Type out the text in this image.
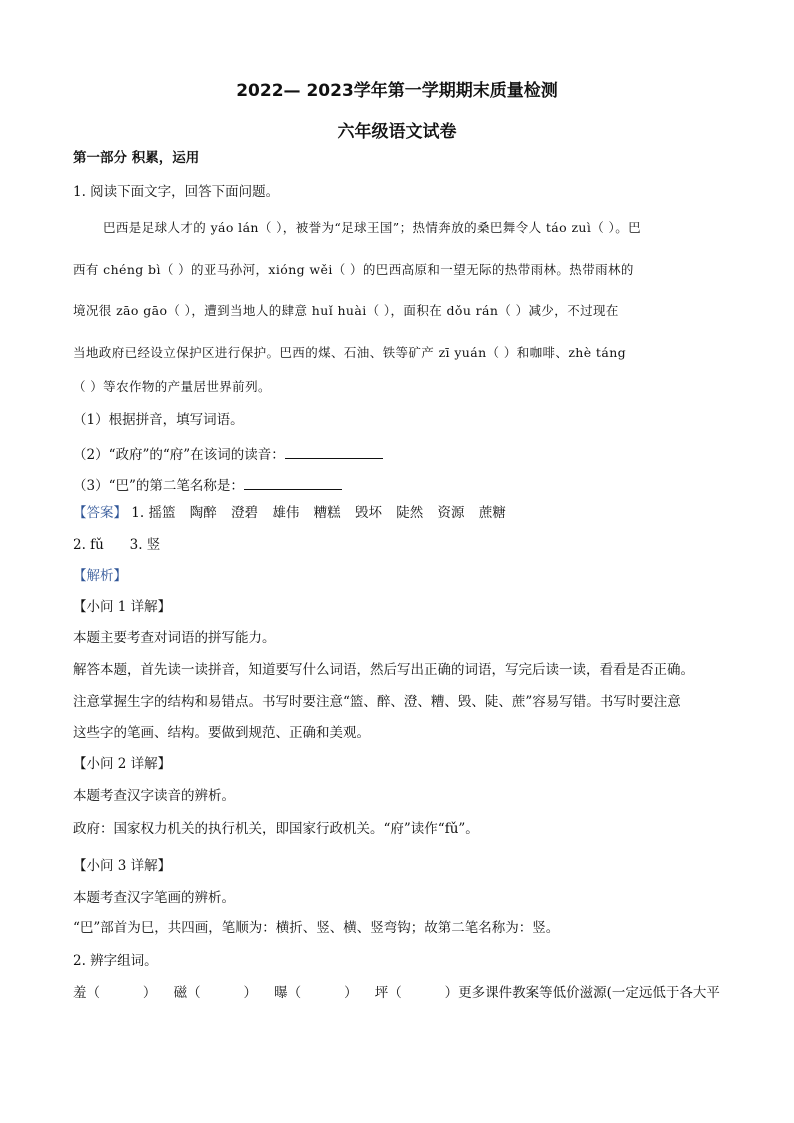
2022— 2023学年第一学期期末质量检测
六年级语文试卷
第一部分 积累，运用
1. 阅读下面文字，回答下面问题。
巴西是足球人才的 yáo lán（ ），被誉为“足球王国”；热情奔放的桑巴舞令人 táo zuì（ ）。巴
西有 chéng bì（ ）的亚马孙河，xióng wěi（ ）的巴西高原和一望无际的热带雨林。热带雨林的
境况很 zāo gāo（ ），遭到当地人的肆意 huǐ huài（ ），面积在 dǒu rán（ ）减少，不过现在
当地政府已经设立保护区进行保护。巴西的煤、石油、铁等矿产 zī yuán（ ）和咖啡、zhè táng
（ ）等农作物的产量居世界前列。
（1）根据拼音，填写词语。
（2）“政府”的“府”在该词的读音：
（3）“巴”的第二笔名称是：
【答案】 1. 摇篮 陶醉 澄碧 雄伟 糟糕 毁坏 陡然 资源 蔗糖
2. fǔ      3. 竖
【解析】
【小问 1 详解】
本题主要考查对词语的拼写能力。
解答本题，首先读一读拼音，知道要写什么词语，然后写出正确的词语，写完后读一读，看看是否正确。
注意掌握生字的结构和易错点。书写时要注意“篮、醉、澄、糟、毁、陡、蔗”容易写错。书写时要注意
这些字的笔画、结构。要做到规范、正确和美观。
【小问 2 详解】
本题考查汉字读音的辨析。
政府：国家权力机关的执行机关，即国家行政机关。“府”读作“fǔ”。
【小问 3 详解】
本题考查汉字笔画的辨析。
“巴”部首为巳，共四画，笔顺为：横折、竖、横、竖弯钩；故第二笔名称为：竖。
2. 辨字组词。
羞（          ）    磁（          ）    曝（          ）    坪（          ）更多课件教案等低价滋源(一定远低于各大平
